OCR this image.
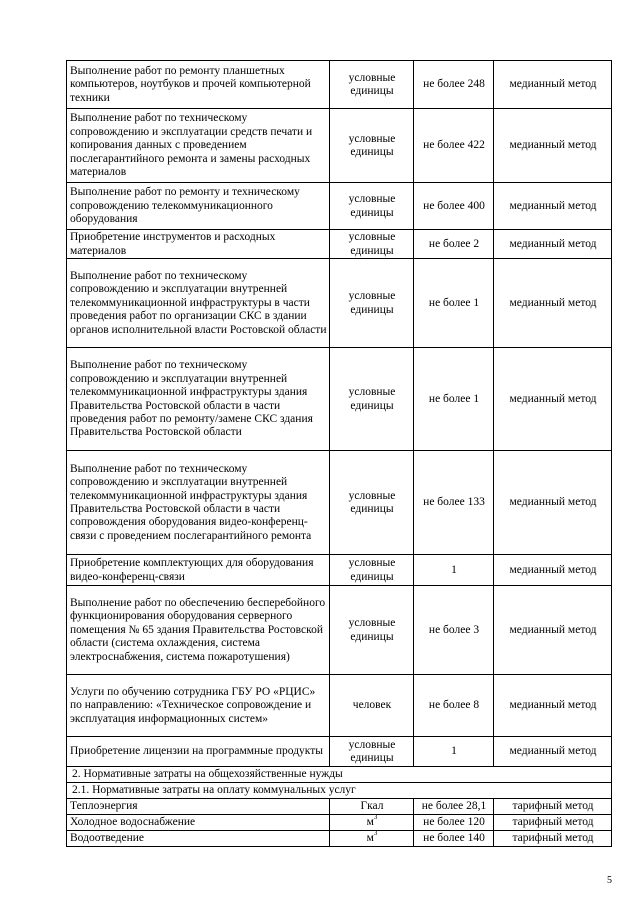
Выполнение работ по ремонту планшетных компьютеров, ноутбуков и прочей компьютерной техники	условные единицы	не более 248	медианный метод
Выполнение работ по техническому сопровождению и эксплуатации средств печати и копирования данных с проведением послегарантийного ремонта и замены расходных материалов	условные единицы	не более 422	медианный метод
Выполнение работ по ремонту и техническому сопровождению телекоммуникационного оборудования	условные единицы	не более 400	медианный метод
Приобретение инструментов и расходных материалов	условные единицы	не более 2	медианный метод
Выполнение работ по техническому сопровождению и эксплуатации внутренней телекоммуникационной инфраструктуры в части проведения работ по организации СКС в здании органов исполнительной власти Ростовской области	условные единицы	не более 1	медианный метод
Выполнение работ по техническому сопровождению и эксплуатации внутренней телекоммуникационной инфраструктуры здания Правительства Ростовской области в части проведения работ по ремонту/замене СКС здания Правительства Ростовской области	условные единицы	не более 1	медианный метод
Выполнение работ по техническому сопровождению и эксплуатации внутренней телекоммуникационной инфраструктуры здания Правительства Ростовской области в части сопровождения оборудования видео-конференц-связи с проведением послегарантийного ремонта	условные единицы	не более 133	медианный метод
Приобретение комплектующих для оборудования видео-конференц-связи	условные единицы	1	медианный метод
Выполнение работ по обеспечению бесперебойного функционирования оборудования серверного помещения № 65 здания Правительства Ростовской области (система охлаждения, система электроснабжения, система пожаротушения)	условные единицы	не более 3	медианный метод
Услуги по обучению сотрудника ГБУ РО «РЦИС» по направлению: «Техническое сопровождение и эксплуатация информационных систем»	человек	не более 8	медианный метод
Приобретение лицензии на программные продукты	условные единицы	1	медианный метод
2. Нормативные затраты на общехозяйственные нужды			
2.1. Нормативные затраты на оплату коммунальных услуг			
Теплоэнергия	Гкал	не более 28,1	тарифный метод
Холодное водоснабжение	$м^3$	не более 120	тарифный метод
Водоотведение	$м^3$	не более 140	тарифный метод
5
